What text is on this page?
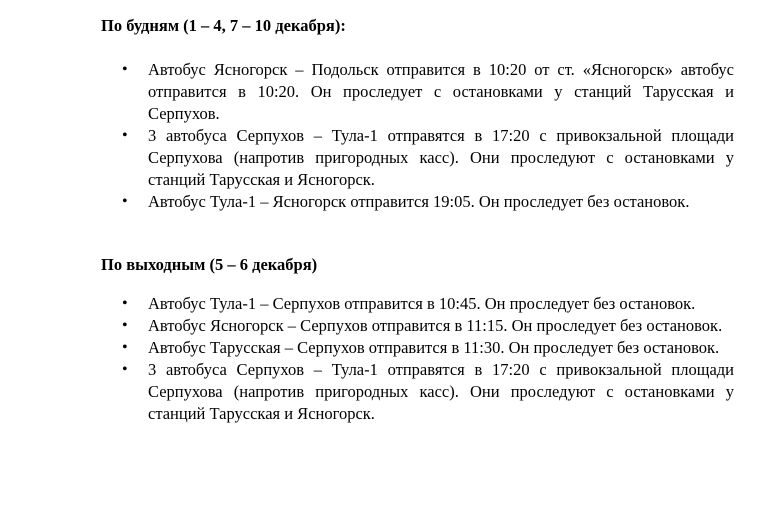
По будням (1 – 4, 7 – 10 декабря):
• Автобус Ясногорск – Подольск отправится в 10:20 от ст. «Ясногорск» автобус отправится в 10:20. Он проследует с остановками у станций Тарусская и Серпухов.
• 3 автобуса Серпухов – Тула-1 отправятся в 17:20 с привокзальной площади Серпухова (напротив пригородных касс). Они проследуют с остановками у станций Тарусская и Ясногорск.
• Автобус Тула-1 – Ясногорск отправится 19:05. Он проследует без остановок.
По выходным (5 – 6 декабря)
• Автобус Тула-1 – Серпухов отправится в 10:45. Он проследует без остановок.
• Автобус Ясногорск – Серпухов отправится в 11:15. Он проследует без остановок.
• Автобус Тарусская – Серпухов отправится в 11:30. Он проследует без остановок.
• 3 автобуса Серпухов – Тула-1 отправятся в 17:20 с привокзальной площади Серпухова (напротив пригородных касс). Они проследуют с остановками у станций Тарусская и Ясногорск.
